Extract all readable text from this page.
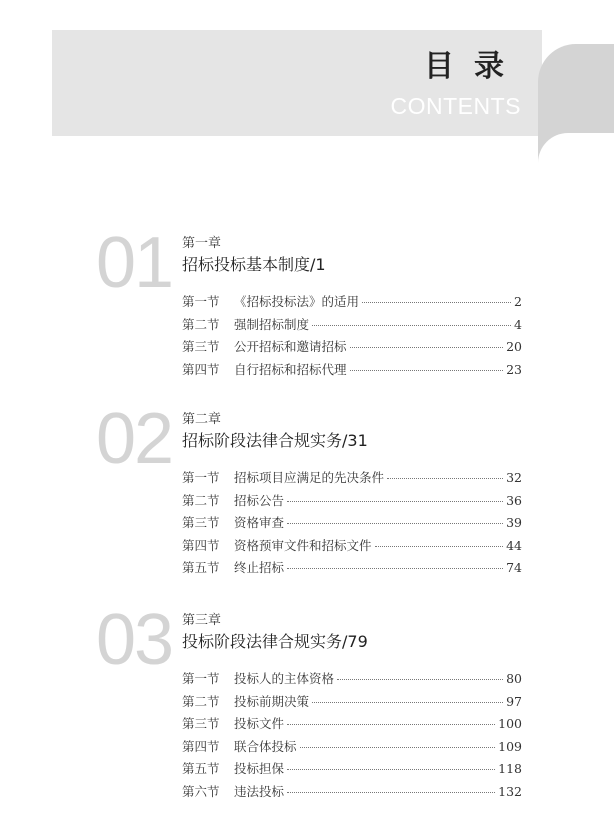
目录
CONTENTS
01 第一章
招标投标基本制度/1
第一节	《招标投标法》的适用	2
第二节	强制招标制度	4
第三节	公开招标和邀请招标	20
第四节	自行招标和招标代理	23
02 第二章
招标阶段法律合规实务/31
第一节	招标项目应满足的先决条件	32
第二节	招标公告	36
第三节	资格审查	39
第四节	资格预审文件和招标文件	44
第五节	终止招标	74
03 第三章
投标阶段法律合规实务/79
第一节	投标人的主体资格	80
第二节	投标前期决策	97
第三节	投标文件	100
第四节	联合体投标	109
第五节	投标担保	118
第六节	违法投标	132
